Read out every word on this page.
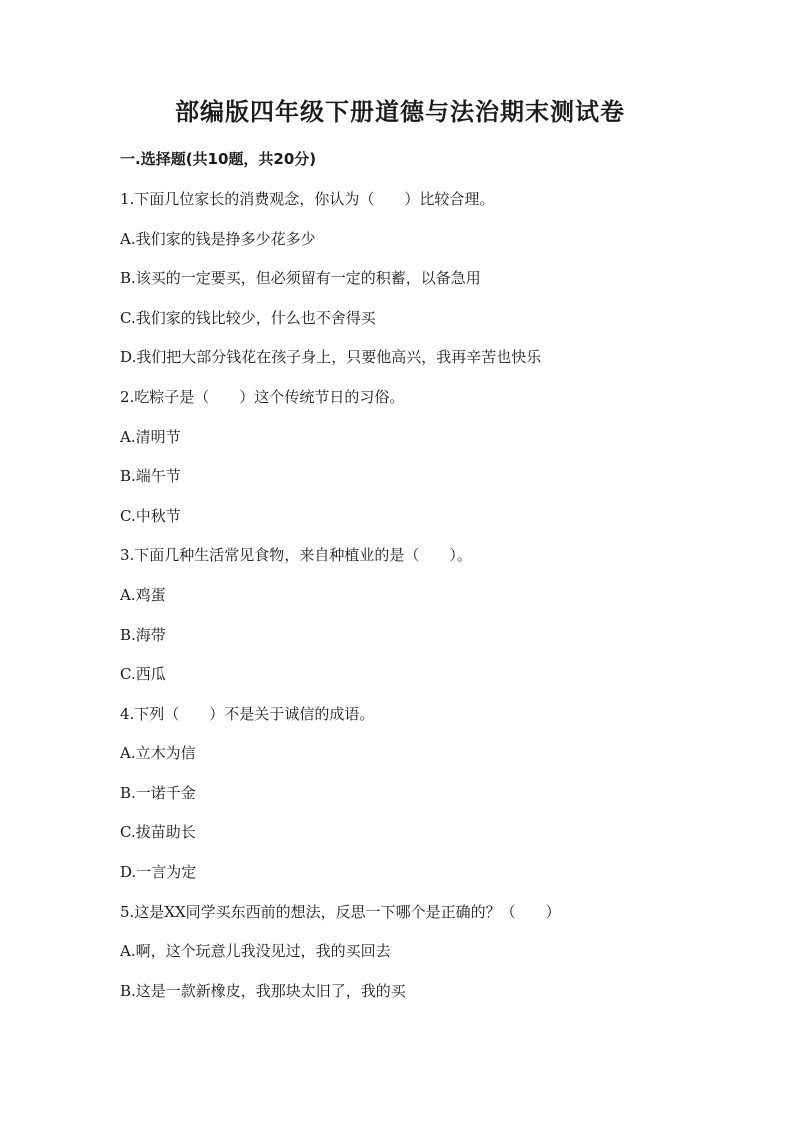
部编版四年级下册道德与法治期末测试卷
一.选择题(共10题，共20分)
1.下面几位家长的消费观念，你认为（　　）比较合理。
A.我们家的钱是挣多少花多少
B.该买的一定要买，但必须留有一定的积蓄，以备急用
C.我们家的钱比较少，什么也不舍得买
D.我们把大部分钱花在孩子身上，只要他高兴，我再辛苦也快乐
2.吃粽子是（　　）这个传统节日的习俗。
A.清明节
B.端午节
C.中秋节
3.下面几种生活常见食物，来自种植业的是（　　）。
A.鸡蛋
B.海带
C.西瓜
4.下列（　　）不是关于诚信的成语。
A.立木为信
B.一诺千金
C.拔苗助长
D.一言为定
5.这是XX同学买东西前的想法，反思一下哪个是正确的？（　　）
A.啊，这个玩意儿我没见过，我的买回去
B.这是一款新橡皮，我那块太旧了，我的买
